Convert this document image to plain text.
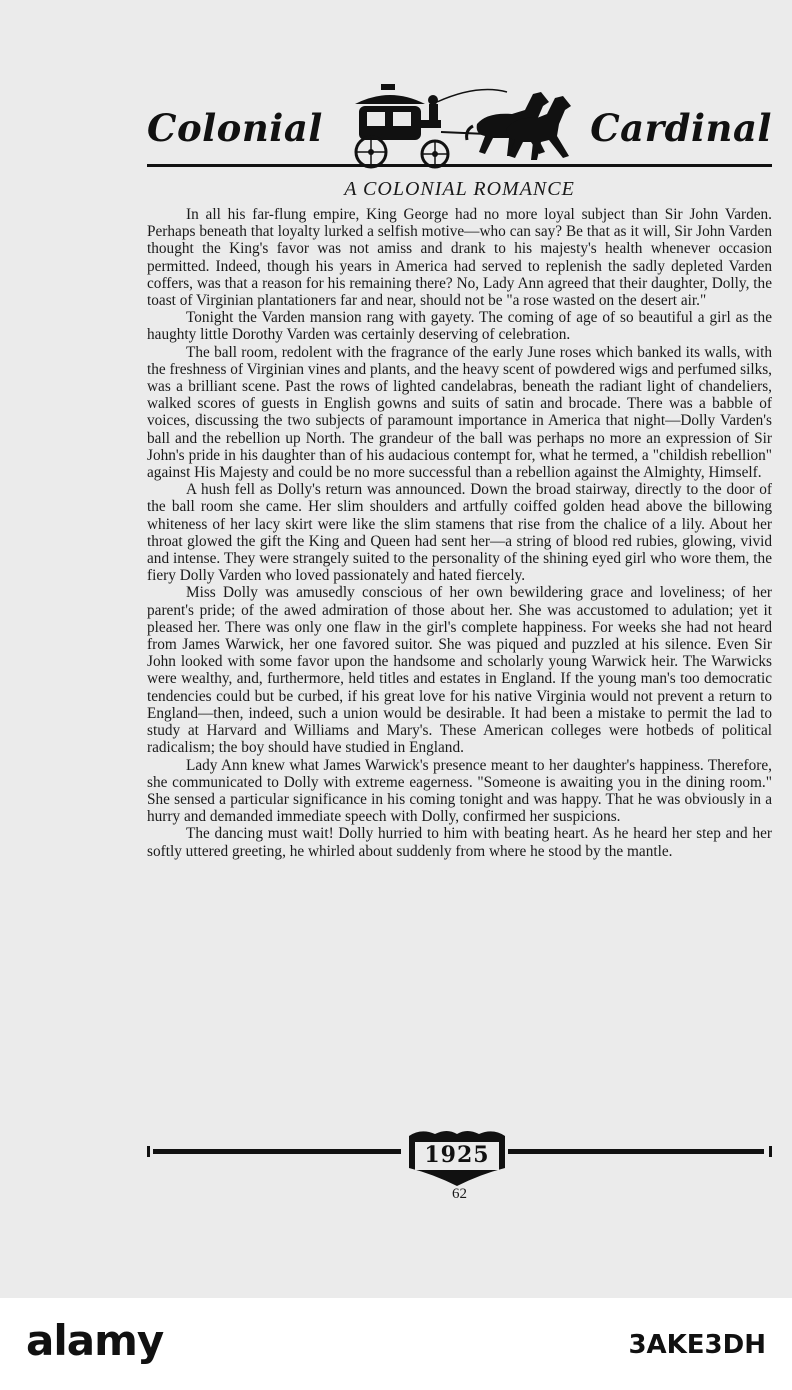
Colonial	Cardinal
A COLONIAL ROMANCE

In all his far-flung empire, King George had no more loyal subject than Sir John Varden. Perhaps beneath that loyalty lurked a selfish motive—who can say? Be that as it will, Sir John Varden thought the King's favor was not amiss and drank to his majesty's health whenever occasion permitted. Indeed, though his years in America had served to replenish the sadly depleted Varden coffers, was that a reason for his remaining there? No, Lady Ann agreed that their daughter, Dolly, the toast of Virginian plantationers far and near, should not be "a rose wasted on the desert air."

Tonight the Varden mansion rang with gayety. The coming of age of so beautiful a girl as the haughty little Dorothy Varden was certainly deserving of celebration.

The ball room, redolent with the fragrance of the early June roses which banked its walls, with the freshness of Virginian vines and plants, and the heavy scent of powdered wigs and perfumed silks, was a brilliant scene. Past the rows of lighted candelabras, beneath the radiant light of chandeliers, walked scores of guests in English gowns and suits of satin and brocade. There was a babble of voices, discussing the two subjects of paramount importance in America that night—Dolly Varden's ball and the rebellion up North. The grandeur of the ball was perhaps no more an expression of Sir John's pride in his daughter than of his audacious contempt for, what he termed, a "childish rebellion" against His Majesty and could be no more successful than a rebellion against the Almighty, Himself.

A hush fell as Dolly's return was announced. Down the broad stairway, directly to the door of the ball room she came. Her slim shoulders and artfully coiffed golden head above the billowing whiteness of her lacy skirt were like the slim stamens that rise from the chalice of a lily. About her throat glowed the gift the King and Queen had sent her—a string of blood red rubies, glowing, vivid and intense. They were strangely suited to the personality of the shining eyed girl who wore them, the fiery Dolly Varden who loved passionately and hated fiercely.

Miss Dolly was amusedly conscious of her own bewildering grace and loveliness; of her parent's pride; of the awed admiration of those about her. She was accustomed to adulation; yet it pleased her. There was only one flaw in the girl's complete happiness. For weeks she had not heard from James Warwick, her one favored suitor. She was piqued and puzzled at his silence. Even Sir John looked with some favor upon the handsome and scholarly young Warwick heir. The Warwicks were wealthy, and, furthermore, held titles and estates in England. If the young man's too democratic tendencies could but be curbed, if his great love for his native Virginia would not prevent a return to England—then, indeed, such a union would be desirable. It had been a mistake to permit the lad to study at Harvard and Williams and Mary's. These American colleges were hotbeds of political radicalism; the boy should have studied in England.

Lady Ann knew what James Warwick's presence meant to her daughter's happiness. Therefore, she communicated to Dolly with extreme eagerness. "Someone is awaiting you in the dining room." She sensed a particular significance in his coming tonight and was happy. That he was obviously in a hurry and demanded immediate speech with Dolly, confirmed her suspicions.

The dancing must wait! Dolly hurried to him with beating heart. As he heard her step and her softly uttered greeting, he whirled about suddenly from where he stood by the mantle.

1925
62
alamy	3AKE3DH
